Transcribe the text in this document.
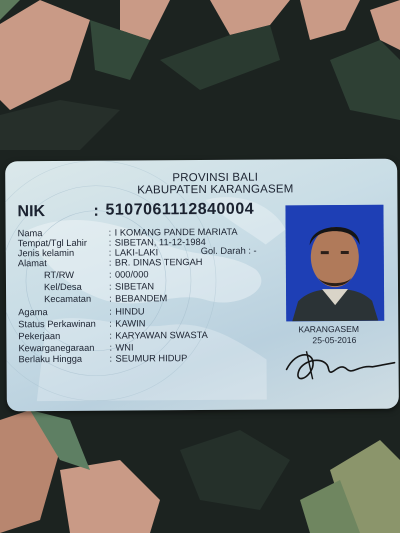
PROVINSI BALI
KABUPATEN KARANGASEM
NIK	: 5107061112840004
Nama	: I KOMANG PANDE MARIATA
Tempat/Tgl Lahir : SIBETAN, 11-12-1984
Jenis kelamin	: LAKI-LAKI	Gol. Darah : -
Alamat	: BR. DINAS TENGAH
RT/RW	: 000/000
Kel/Desa	: SIBETAN
Kecamatan : BEBANDEM
Agama	: HINDU
Status Perkawinan : KAWIN
Pekerjaan	: KARYAWAN SWASTA
Kewarganegaraan : WNI
Berlaku Hingga	: SEUMUR HIDUP
KARANGASEM
25-05-2016
